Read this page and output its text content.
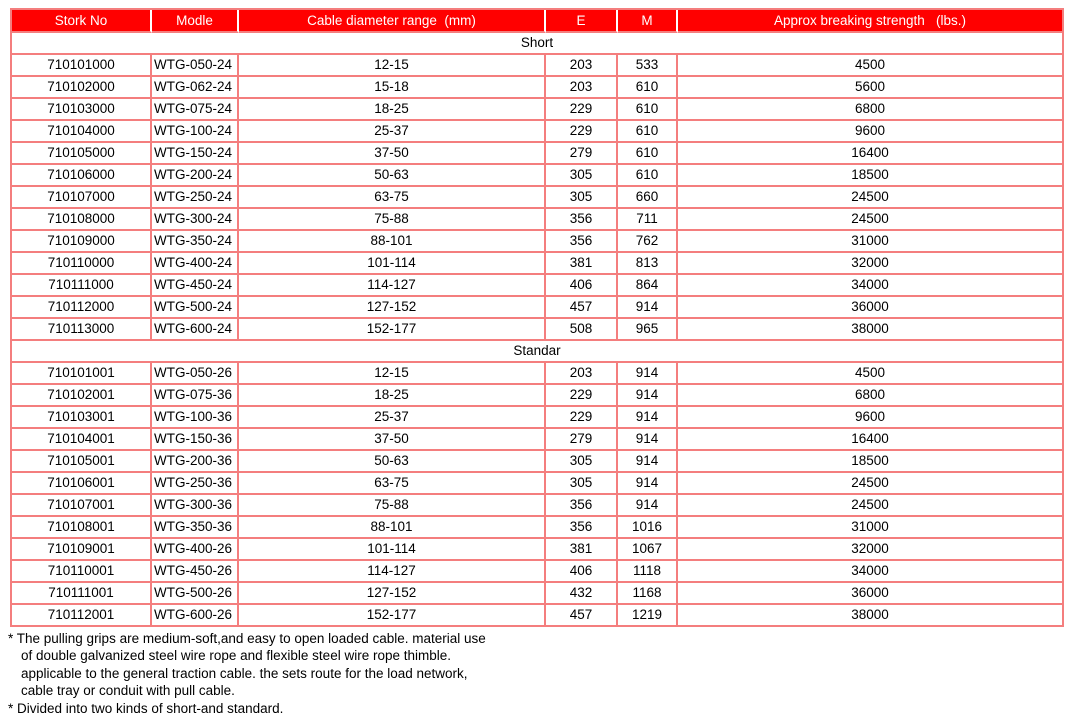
Stork No	Modle	Cable diameter range  (mm)	E	M	Approx breaking strength   (lbs.)
Short					
710101000	WTG-050-24	12-15	203	533	4500
710102000	WTG-062-24	15-18	203	610	5600
710103000	WTG-075-24	18-25	229	610	6800
710104000	WTG-100-24	25-37	229	610	9600
710105000	WTG-150-24	37-50	279	610	16400
710106000	WTG-200-24	50-63	305	610	18500
710107000	WTG-250-24	63-75	305	660	24500
710108000	WTG-300-24	75-88	356	711	24500
710109000	WTG-350-24	88-101	356	762	31000
710110000	WTG-400-24	101-114	381	813	32000
710111000	WTG-450-24	114-127	406	864	34000
710112000	WTG-500-24	127-152	457	914	36000
710113000	WTG-600-24	152-177	508	965	38000
Standar					
710101001	WTG-050-26	12-15	203	914	4500
710102001	WTG-075-36	18-25	229	914	6800
710103001	WTG-100-36	25-37	229	914	9600
710104001	WTG-150-36	37-50	279	914	16400
710105001	WTG-200-36	50-63	305	914	18500
710106001	WTG-250-36	63-75	305	914	24500
710107001	WTG-300-36	75-88	356	914	24500
710108001	WTG-350-36	88-101	356	1016	31000
710109001	WTG-400-26	101-114	381	1067	32000
710110001	WTG-450-26	114-127	406	1118	34000
710111001	WTG-500-26	127-152	432	1168	36000
710112001	WTG-600-26	152-177	457	1219	38000
* The pulling grips are medium-soft,and easy to open loaded cable. material use
of double galvanized steel wire rope and flexible steel wire rope thimble.
applicable to the general traction cable. the sets route for the load network,
cable tray or conduit with pull cable.
* Divided into two kinds of short-and standard.
